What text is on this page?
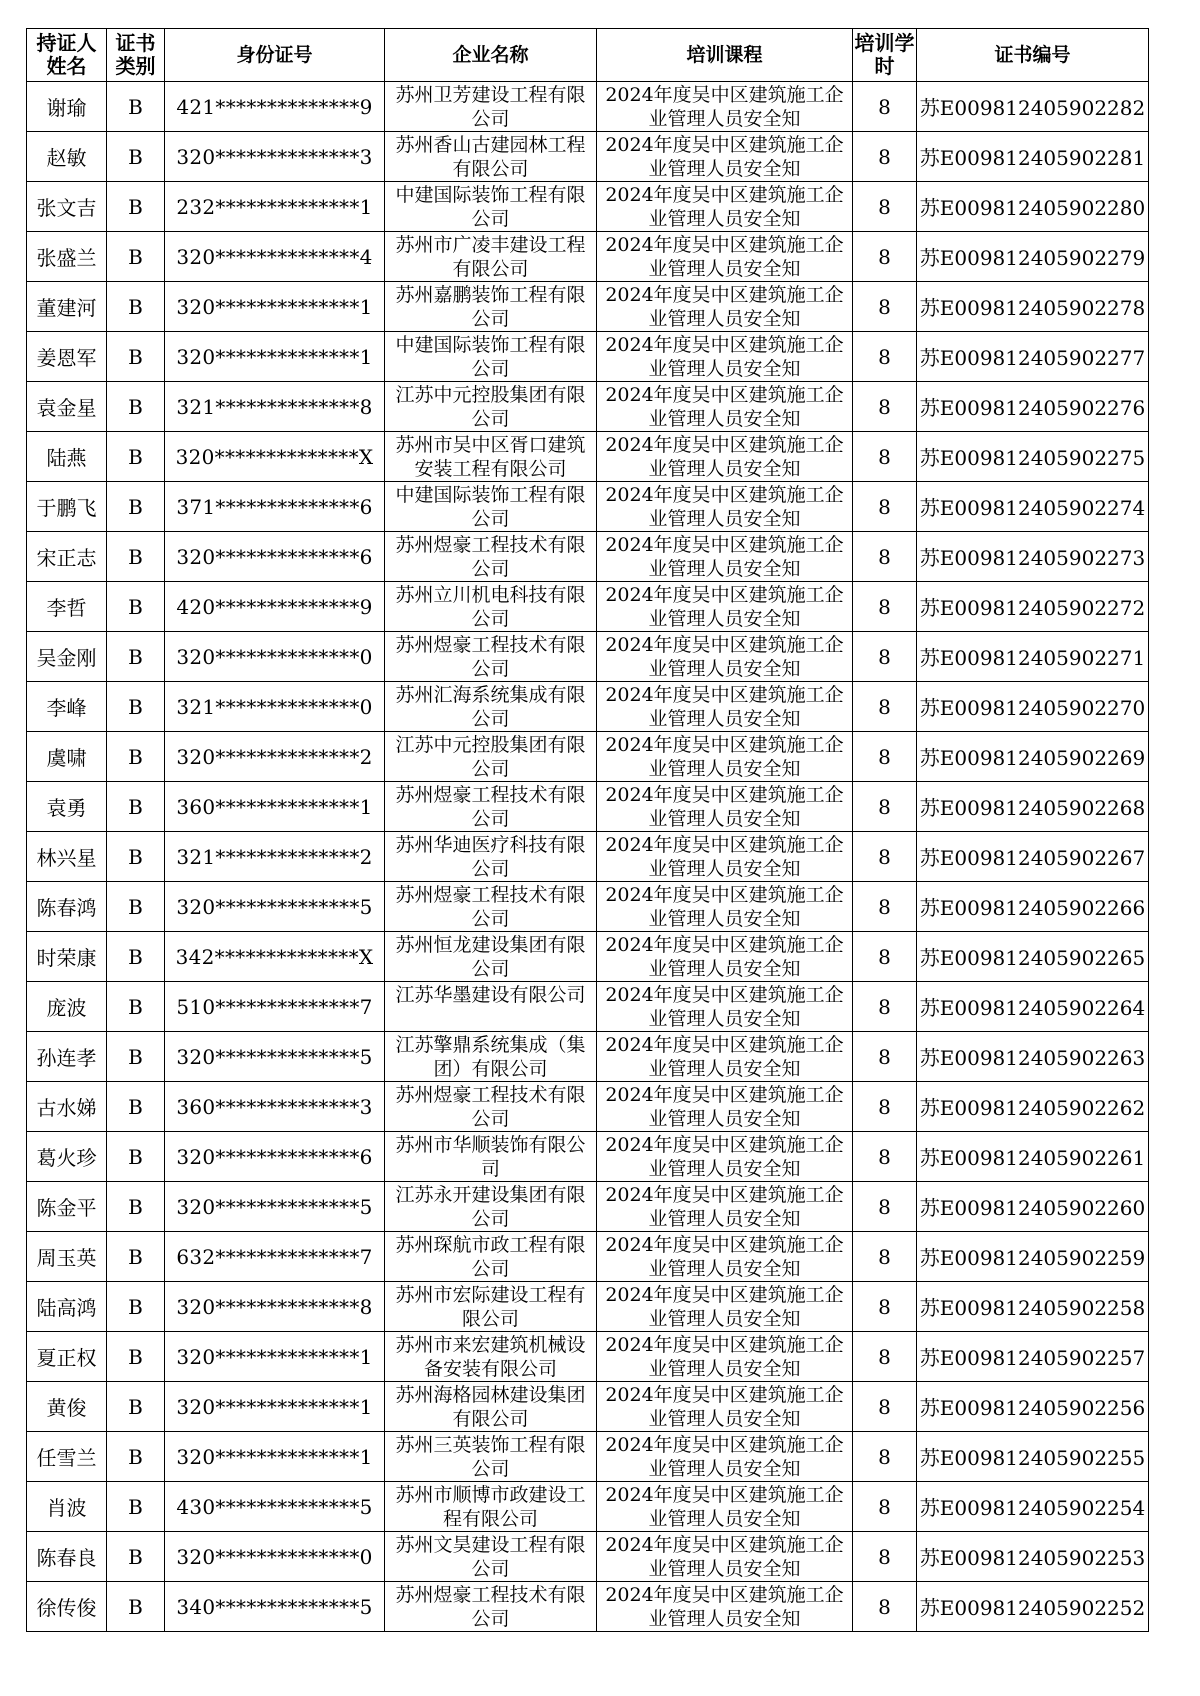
持证人姓名	证书类别	身份证号	企业名称	培训课程	培训学时	证书编号
谢瑜	B	421**************9	苏州卫芳建设工程有限公司	2024年度吴中区建筑施工企业管理人员安全知	8	苏E009812405902282
赵敏	B	320**************3	苏州香山古建园林工程有限公司	2024年度吴中区建筑施工企业管理人员安全知	8	苏E009812405902281
张文吉	B	232**************1	中建国际装饰工程有限公司	2024年度吴中区建筑施工企业管理人员安全知	8	苏E009812405902280
张盛兰	B	320**************4	苏州市广凌丰建设工程有限公司	2024年度吴中区建筑施工企业管理人员安全知	8	苏E009812405902279
董建河	B	320**************1	苏州嘉鹏装饰工程有限公司	2024年度吴中区建筑施工企业管理人员安全知	8	苏E009812405902278
姜恩军	B	320**************1	中建国际装饰工程有限公司	2024年度吴中区建筑施工企业管理人员安全知	8	苏E009812405902277
袁金星	B	321**************8	江苏中元控股集团有限公司	2024年度吴中区建筑施工企业管理人员安全知	8	苏E009812405902276
陆燕	B	320**************X	苏州市吴中区胥口建筑安装工程有限公司	2024年度吴中区建筑施工企业管理人员安全知	8	苏E009812405902275
于鹏飞	B	371**************6	中建国际装饰工程有限公司	2024年度吴中区建筑施工企业管理人员安全知	8	苏E009812405902274
宋正志	B	320**************6	苏州煜豪工程技术有限公司	2024年度吴中区建筑施工企业管理人员安全知	8	苏E009812405902273
李哲	B	420**************9	苏州立川机电科技有限公司	2024年度吴中区建筑施工企业管理人员安全知	8	苏E009812405902272
吴金刚	B	320**************0	苏州煜豪工程技术有限公司	2024年度吴中区建筑施工企业管理人员安全知	8	苏E009812405902271
李峰	B	321**************0	苏州汇海系统集成有限公司	2024年度吴中区建筑施工企业管理人员安全知	8	苏E009812405902270
虞啸	B	320**************2	江苏中元控股集团有限公司	2024年度吴中区建筑施工企业管理人员安全知	8	苏E009812405902269
袁勇	B	360**************1	苏州煜豪工程技术有限公司	2024年度吴中区建筑施工企业管理人员安全知	8	苏E009812405902268
林兴星	B	321**************2	苏州华迪医疗科技有限公司	2024年度吴中区建筑施工企业管理人员安全知	8	苏E009812405902267
陈春鸿	B	320**************5	苏州煜豪工程技术有限公司	2024年度吴中区建筑施工企业管理人员安全知	8	苏E009812405902266
时荣康	B	342**************X	苏州恒龙建设集团有限公司	2024年度吴中区建筑施工企业管理人员安全知	8	苏E009812405902265
庞波	B	510**************7	江苏华墨建设有限公司	2024年度吴中区建筑施工企业管理人员安全知	8	苏E009812405902264
孙连孝	B	320**************5	江苏擎鼎系统集成（集团）有限公司	2024年度吴中区建筑施工企业管理人员安全知	8	苏E009812405902263
古水娣	B	360**************3	苏州煜豪工程技术有限公司	2024年度吴中区建筑施工企业管理人员安全知	8	苏E009812405902262
葛火珍	B	320**************6	苏州市华顺装饰有限公司	2024年度吴中区建筑施工企业管理人员安全知	8	苏E009812405902261
陈金平	B	320**************5	江苏永开建设集团有限公司	2024年度吴中区建筑施工企业管理人员安全知	8	苏E009812405902260
周玉英	B	632**************7	苏州琛航市政工程有限公司	2024年度吴中区建筑施工企业管理人员安全知	8	苏E009812405902259
陆高鸿	B	320**************8	苏州市宏际建设工程有限公司	2024年度吴中区建筑施工企业管理人员安全知	8	苏E009812405902258
夏正权	B	320**************1	苏州市来宏建筑机械设备安装有限公司	2024年度吴中区建筑施工企业管理人员安全知	8	苏E009812405902257
黄俊	B	320**************1	苏州海格园林建设集团有限公司	2024年度吴中区建筑施工企业管理人员安全知	8	苏E009812405902256
任雪兰	B	320**************1	苏州三英装饰工程有限公司	2024年度吴中区建筑施工企业管理人员安全知	8	苏E009812405902255
肖波	B	430**************5	苏州市顺博市政建设工程有限公司	2024年度吴中区建筑施工企业管理人员安全知	8	苏E009812405902254
陈春良	B	320**************0	苏州文昊建设工程有限公司	2024年度吴中区建筑施工企业管理人员安全知	8	苏E009812405902253
徐传俊	B	340**************5	苏州煜豪工程技术有限公司	2024年度吴中区建筑施工企业管理人员安全知	8	苏E009812405902252
